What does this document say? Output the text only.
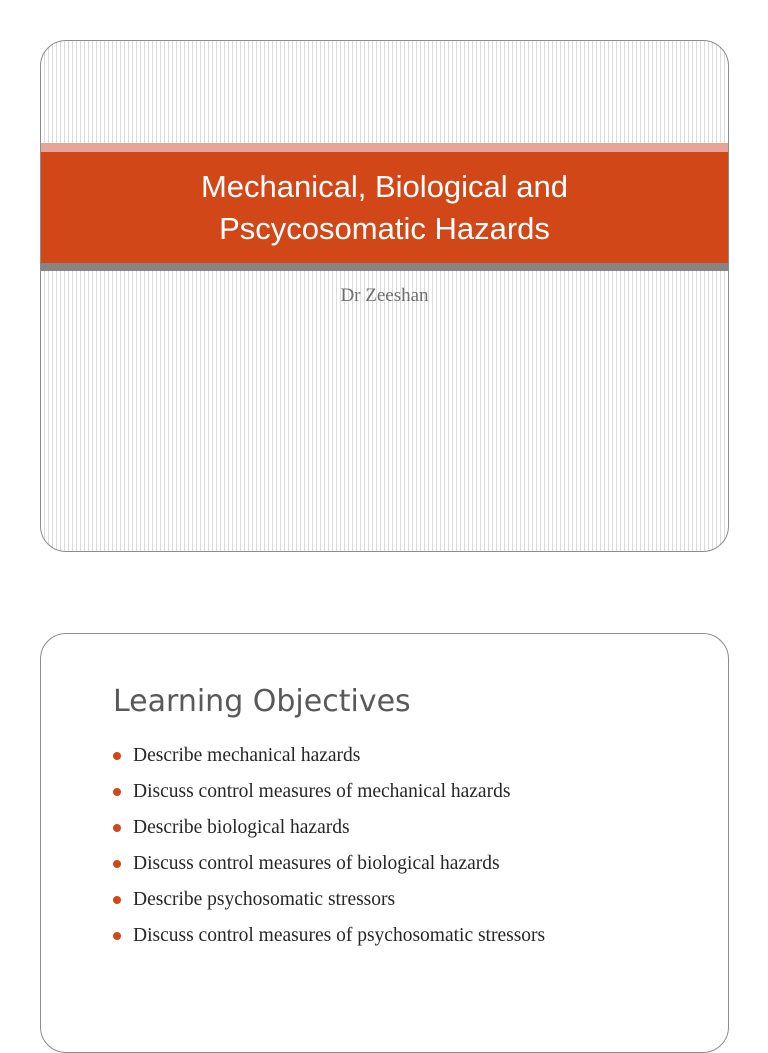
Mechanical, Biological and
Pscycosomatic Hazards
Dr Zeeshan
Learning Objectives
Describe mechanical hazards
Discuss control measures of mechanical hazards
Describe biological hazards
Discuss control measures of biological hazards
Describe psychosomatic stressors
Discuss control measures of psychosomatic stressors
